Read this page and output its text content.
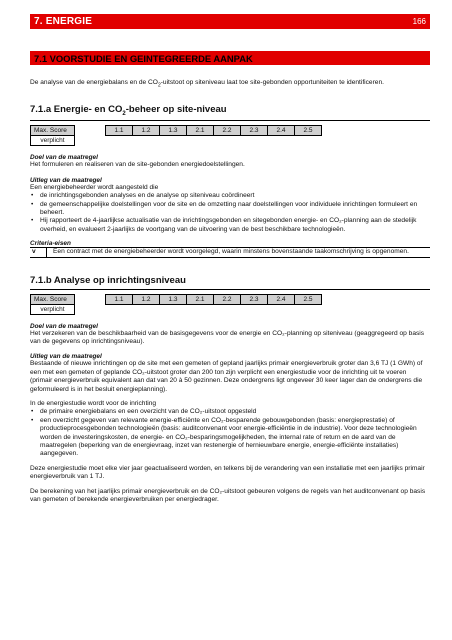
7. ENERGIE	166
7.1 VOORSTUDIE EN GEINTEGREERDE AANPAK

De analyse van de energiebalans en de $CO_2$-uitstoot op siteniveau laat toe site-gebonden opportuniteiten te identificeren.

7.1.a Energie- en $CO_2$-beheer op site-niveau
Max. Score
verplicht
1.1	1.2	1.3	2.1	2.2	2.3	2.4	2.5
Doel van de maatregel

Het formuleren en realiseren van de site-gebonden energiedoelstellingen.

Uitleg van de maatregel

Een energiebeheerder wordt aangesteld die

• de inrichtingsgebonden analyses en de analyse op siteniveau coördineert
• de gemeenschappelijke doelstellingen voor de site en de omzetting naar doelstellingen voor individuele inrichtingen formuleert en beheert.
• Hij rapporteert de 4-jaarlijkse actualisatie van de inrichtingsgebonden en sitegebonden energie- en CO₂-planning aan de stedelijk overheid, en evalueert 2-jaarlijks de voortgang van de uitvoering van de best beschikbare technologieën.
Criteria-eisen
v	Een contract met de energiebeheerder wordt voorgelegd, waarin minstens bovenstaande taakomschrijving is opgenomen.
7.1.b Analyse op inrichtingsniveau
Max. Score
verplicht
1.1	1.2	1.3	2.1	2.2	2.3	2.4	2.5
Doel van de maatregel

Het verzekeren van de beschikbaarheid van de basisgegevens voor de energie en CO₂-planning op siteniveau (geaggregeerd op basis van de gegevens op inrichtingsniveau).

Uitleg van de maatregel

Bestaande of nieuwe inrichtingen op de site met een gemeten of gepland jaarlijks primair energieverbruik groter dan 3,6 TJ (1 GWh) of een met een gemeten of geplande CO₂-uitstoot groter dan 200 ton zijn verplicht een energiestudie voor de inrichting uit te voeren (primair energieverbruik equivalent aan dat van 20 à 50 gezinnen. Deze ondergrens ligt ongeveer 30 keer lager dan de ondergrens die geformuleerd is in het besluit energieplanning).

In de energiestudie wordt voor de inrichting

• de primaire energiebalans en een overzicht van de CO₂-uitstoot opgesteld
• een overzicht gegeven van relevante energie-efficiënte en CO₂-besparende gebouwgebonden (basis: energieprestatie) of productieprocesgebonden technologieën (basis: auditconvenant voor energie-efficiëntie in de industrie). Voor deze technologieën worden de investeringskosten, de energie- en CO₂-besparingsmogelijkheden, the internal rate of return en de aard van de maatregelen (beperking van de energievraag, inzet van restenergie of hernieuwbare energie, energie-efficiënte installaties) aangegeven.

Deze energiestudie moet elke vier jaar geactualiseerd worden, en telkens bij de verandering van een installatie met een jaarlijks primair energieverbruik van 1 TJ.

De berekening van het jaarlijks primair energieverbruik en de CO₂-uitstoot gebeuren volgens de regels van het auditconvenant op basis van gemeten of berekende energieverbruiken per energiedrager.
